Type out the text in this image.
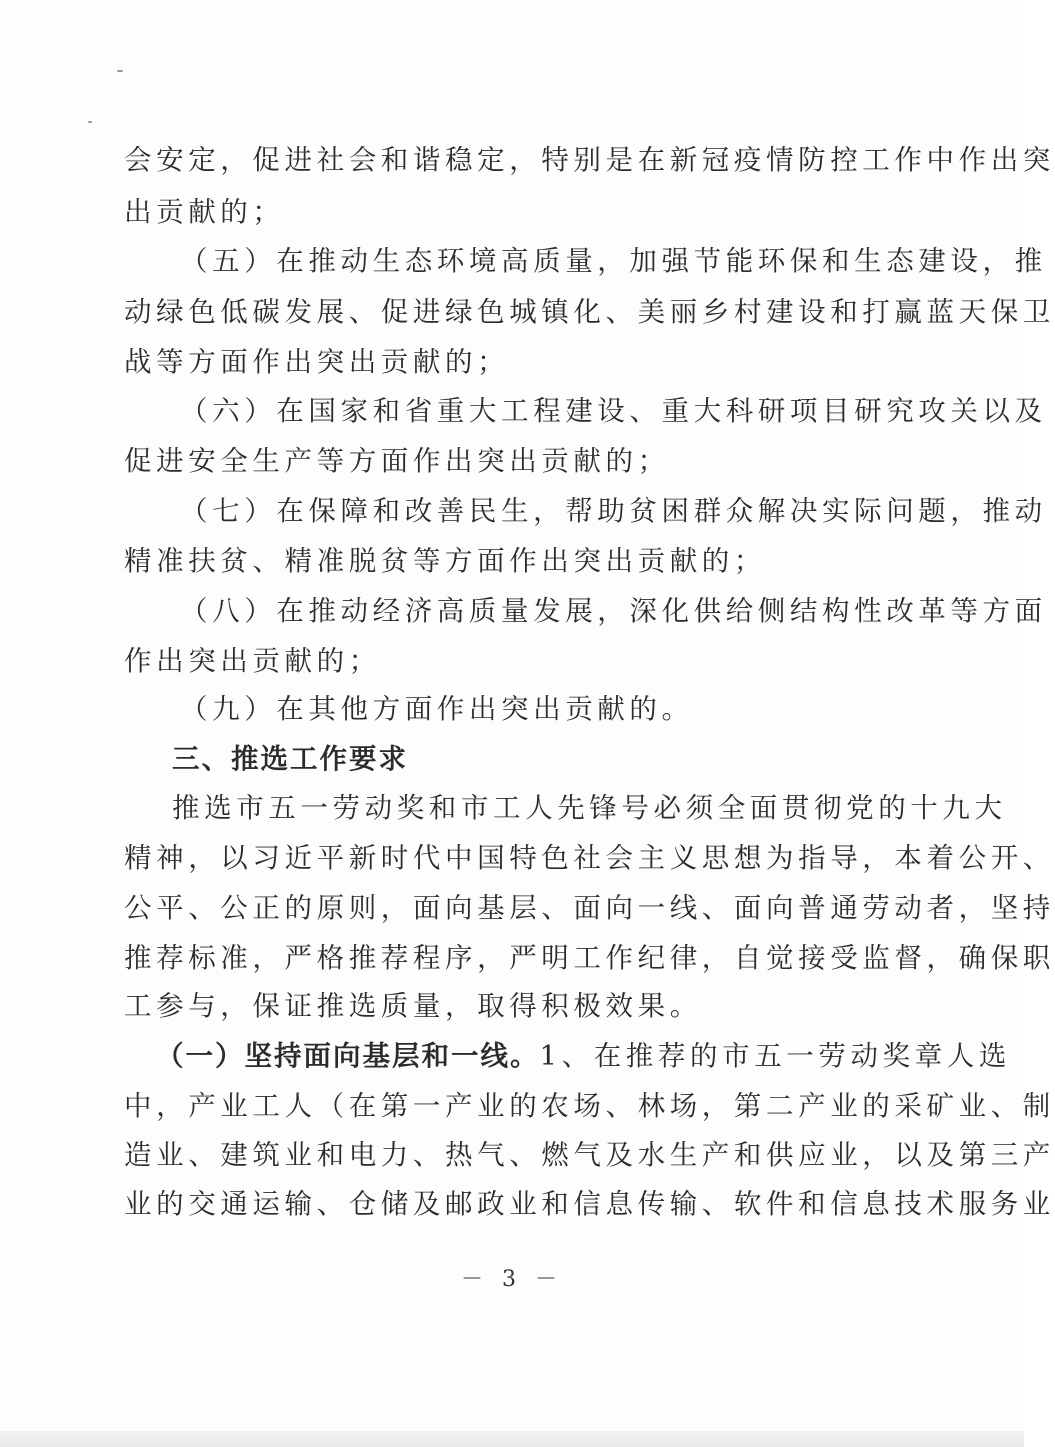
会安定，促进社会和谐稳定，特别是在新冠疫情防控工作中作出突
出贡献的；
（五）在推动生态环境高质量，加强节能环保和生态建设，推
动绿色低碳发展、促进绿色城镇化、美丽乡村建设和打赢蓝天保卫
战等方面作出突出贡献的；
（六）在国家和省重大工程建设、重大科研项目研究攻关以及
促进安全生产等方面作出突出贡献的；
（七）在保障和改善民生，帮助贫困群众解决实际问题，推动
精准扶贫、精准脱贫等方面作出突出贡献的；
（八）在推动经济高质量发展，深化供给侧结构性改革等方面
作出突出贡献的；
（九）在其他方面作出突出贡献的。
三、推选工作要求
推选市五一劳动奖和市工人先锋号必须全面贯彻党的十九大
精神，以习近平新时代中国特色社会主义思想为指导，本着公开、
公平、公正的原则，面向基层、面向一线、面向普通劳动者，坚持
推荐标准，严格推荐程序，严明工作纪律，自觉接受监督，确保职
工参与，保证推选质量，取得积极效果。
（一）坚持面向基层和一线。1、在推荐的市五一劳动奖章人选
中，产业工人（在第一产业的农场、林场，第二产业的采矿业、制
造业、建筑业和电力、热气、燃气及水生产和供应业，以及第三产
业的交通运输、仓储及邮政业和信息传输、软件和信息技术服务业
－ 3 －
